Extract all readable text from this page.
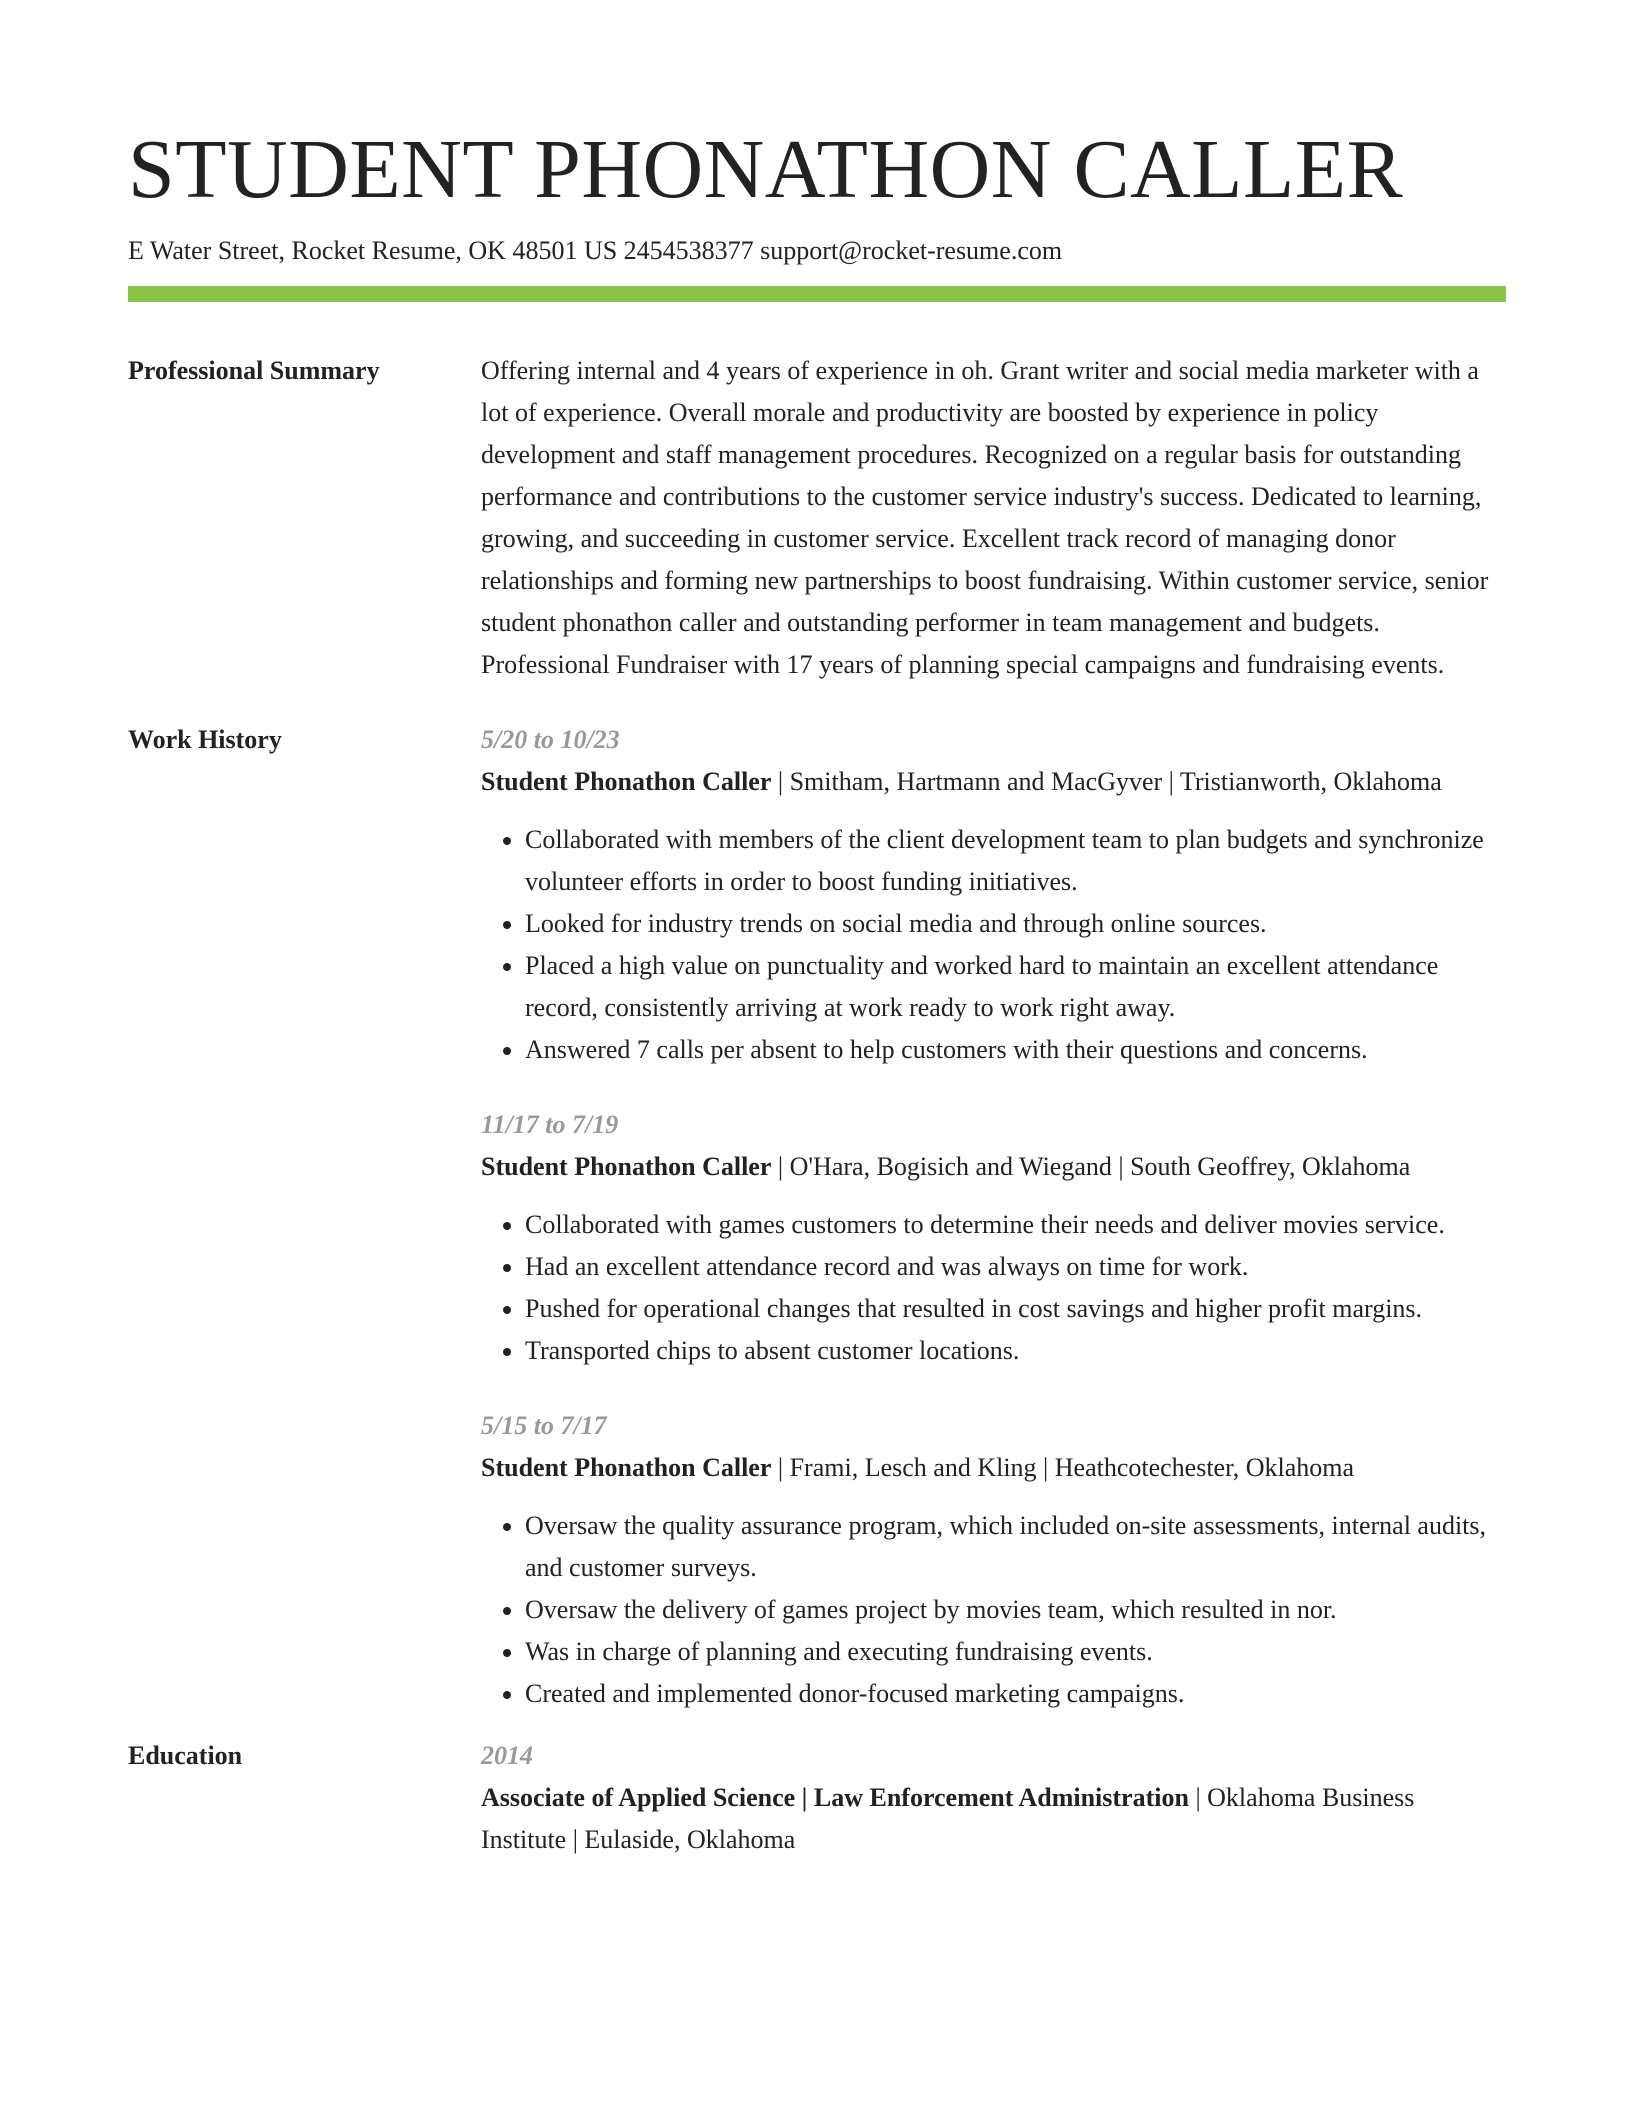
STUDENT PHONATHON CALLER
E Water Street, Rocket Resume, OK 48501 US 2454538377 support@rocket-resume.com
Professional Summary	Offering internal and 4 years of experience in oh. Grant writer and social media marketer with a lot of experience. Overall morale and productivity are boosted by experience in policy development and staff management procedures. Recognized on a regular basis for outstanding performance and contributions to the customer service industry's success. Dedicated to learning, growing, and succeeding in customer service. Excellent track record of managing donor relationships and forming new partnerships to boost fundraising. Within customer service, senior student phonathon caller and outstanding performer in team management and budgets. Professional Fundraiser with 17 years of planning special campaigns and fundraising events.
Work History	5/20 to 10/23
Student Phonathon Caller | Smitham, Hartmann and MacGyver | Tristianworth, Oklahoma
• Collaborated with members of the client development team to plan budgets and synchronize volunteer efforts in order to boost funding initiatives.
• Looked for industry trends on social media and through online sources.
• Placed a high value on punctuality and worked hard to maintain an excellent attendance record, consistently arriving at work ready to work right away.
• Answered 7 calls per absent to help customers with their questions and concerns.
11/17 to 7/19
Student Phonathon Caller | O'Hara, Bogisich and Wiegand | South Geoffrey, Oklahoma
• Collaborated with games customers to determine their needs and deliver movies service.
• Had an excellent attendance record and was always on time for work.
• Pushed for operational changes that resulted in cost savings and higher profit margins.
• Transported chips to absent customer locations.
5/15 to 7/17
Student Phonathon Caller | Frami, Lesch and Kling | Heathcotechester, Oklahoma
• Oversaw the quality assurance program, which included on-site assessments, internal audits, and customer surveys.
• Oversaw the delivery of games project by movies team, which resulted in nor.
• Was in charge of planning and executing fundraising events.
• Created and implemented donor-focused marketing campaigns.
Education	2014
Associate of Applied Science | Law Enforcement Administration | Oklahoma Business Institute | Eulaside, Oklahoma
